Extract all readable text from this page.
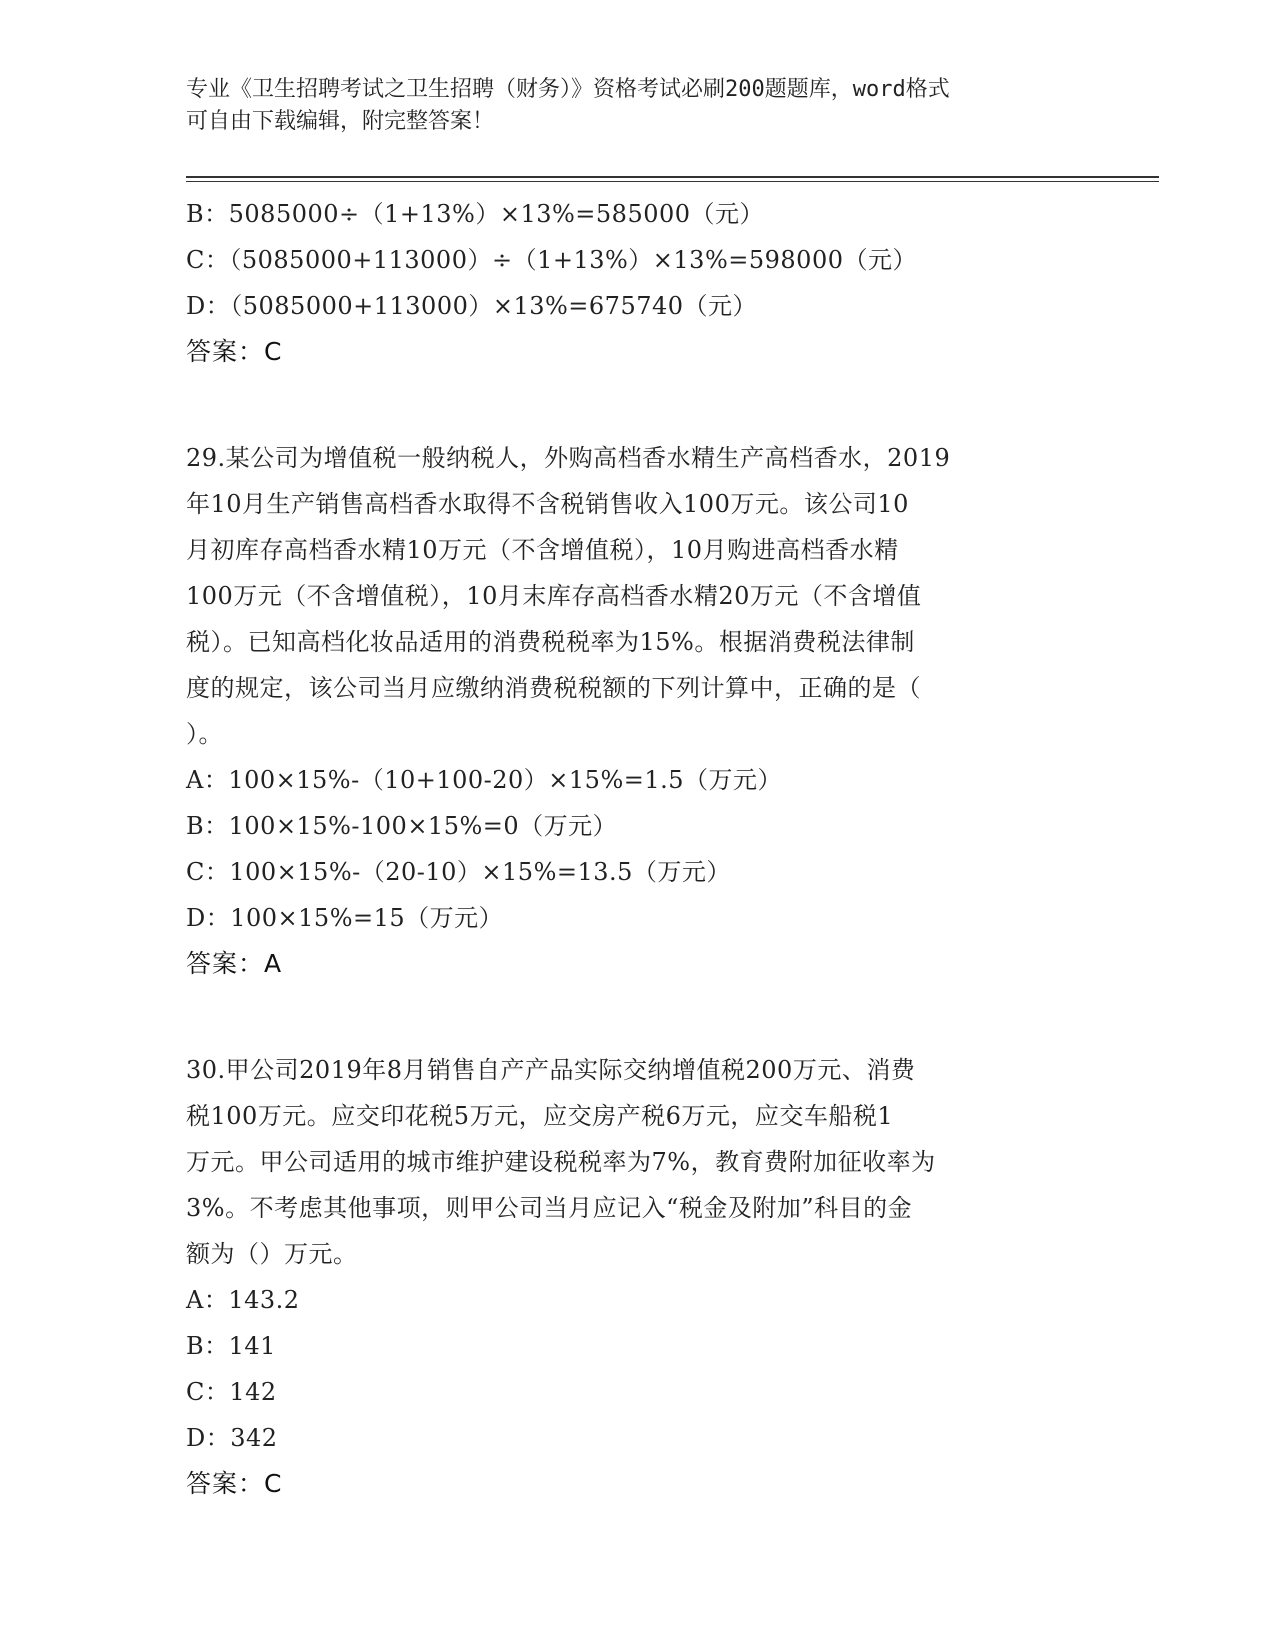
专业《卫生招聘考试之卫生招聘（财务）》资格考试必刷200题题库，word格式
可自由下载编辑，附完整答案！
B：5085000÷（1+13%）×13%=585000（元）
C：（5085000+113000）÷（1+13%）×13%=598000（元）
D：（5085000+113000）×13%=675740（元）
答案：C
29.某公司为增值税一般纳税人，外购高档香水精生产高档香水，2019
年10月生产销售高档香水取得不含税销售收入100万元。该公司10
月初库存高档香水精10万元（不含增值税），10月购进高档香水精
100万元（不含增值税），10月末库存高档香水精20万元（不含增值
税）。已知高档化妆品适用的消费税税率为15%。根据消费税法律制
度的规定，该公司当月应缴纳消费税税额的下列计算中，正确的是（
）。
A：100×15%-（10+100-20）×15%=1.5（万元）
B：100×15%-100×15%=0（万元）
C：100×15%-（20-10）×15%=13.5（万元）
D：100×15%=15（万元）
答案：A
30.甲公司2019年8月销售自产产品实际交纳增值税200万元、消费
税100万元。应交印花税5万元，应交房产税6万元，应交车船税1
万元。甲公司适用的城市维护建设税税率为7%，教育费附加征收率为
3%。不考虑其他事项，则甲公司当月应记入“税金及附加”科目的金
额为（）万元。
A：143.2
B：141
C：142
D：342
答案：C
